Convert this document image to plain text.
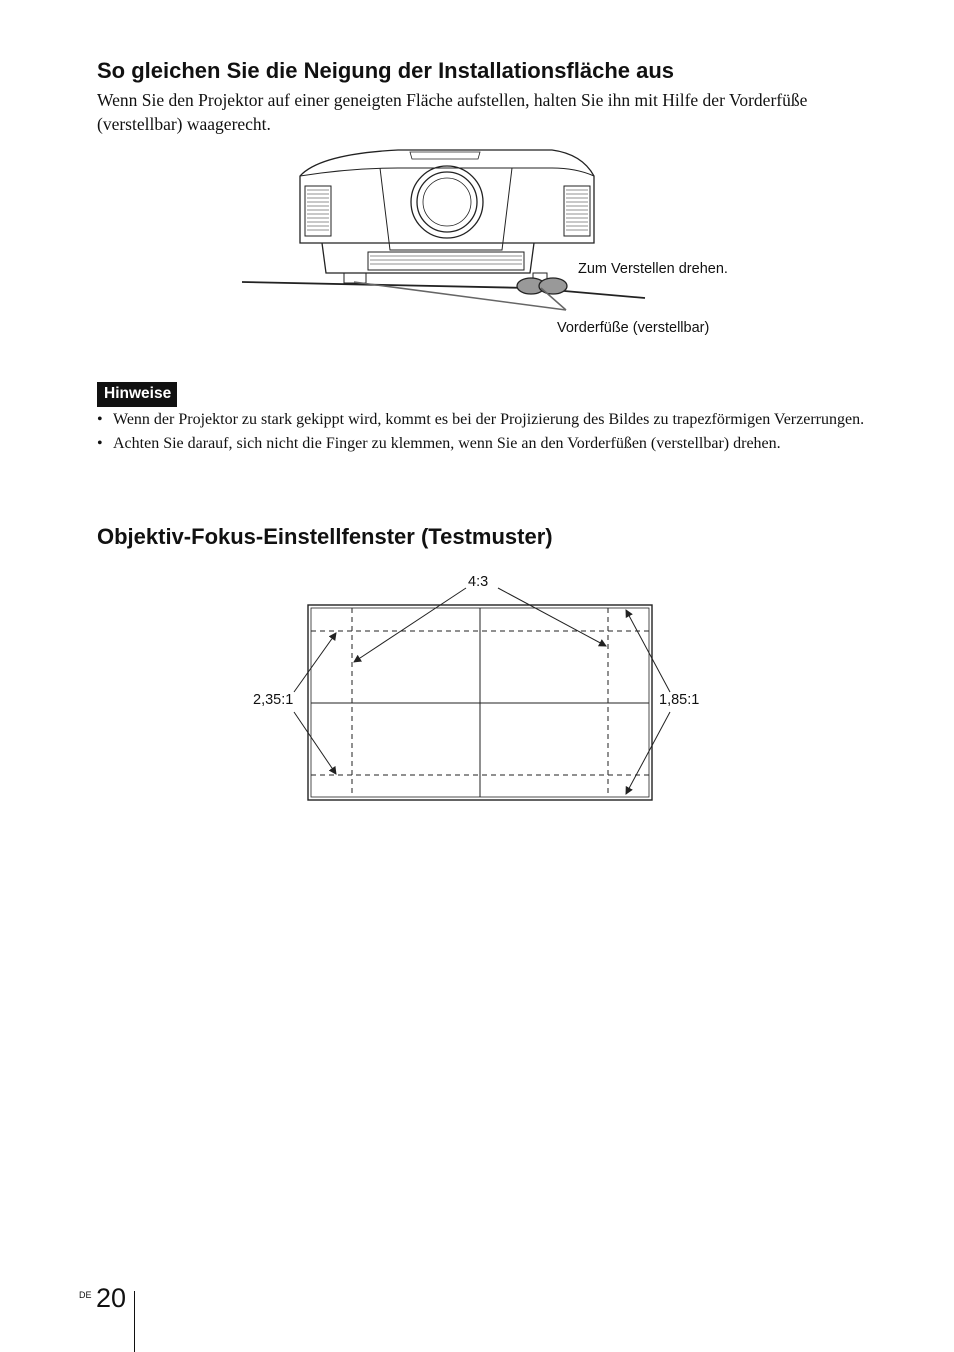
So gleichen Sie die Neigung der Installationsfläche aus

Wenn Sie den Projektor auf einer geneigten Fläche aufstellen, halten Sie ihn mit Hilfe der Vorderfüße (verstellbar) waagerecht.

Zum Verstellen drehen.
Vorderfüße (verstellbar)
Hinweise
• Wenn der Projektor zu stark gekippt wird, kommt es bei der Projizierung des Bildes zu trapezförmigen Verzerrungen.
• Achten Sie darauf, sich nicht die Finger zu klemmen, wenn Sie an den Vorderfüßen (verstellbar) drehen.
Objektiv-Fokus-Einstellfenster (Testmuster)
4:3
2,35:1	1,85:1
DE 20
